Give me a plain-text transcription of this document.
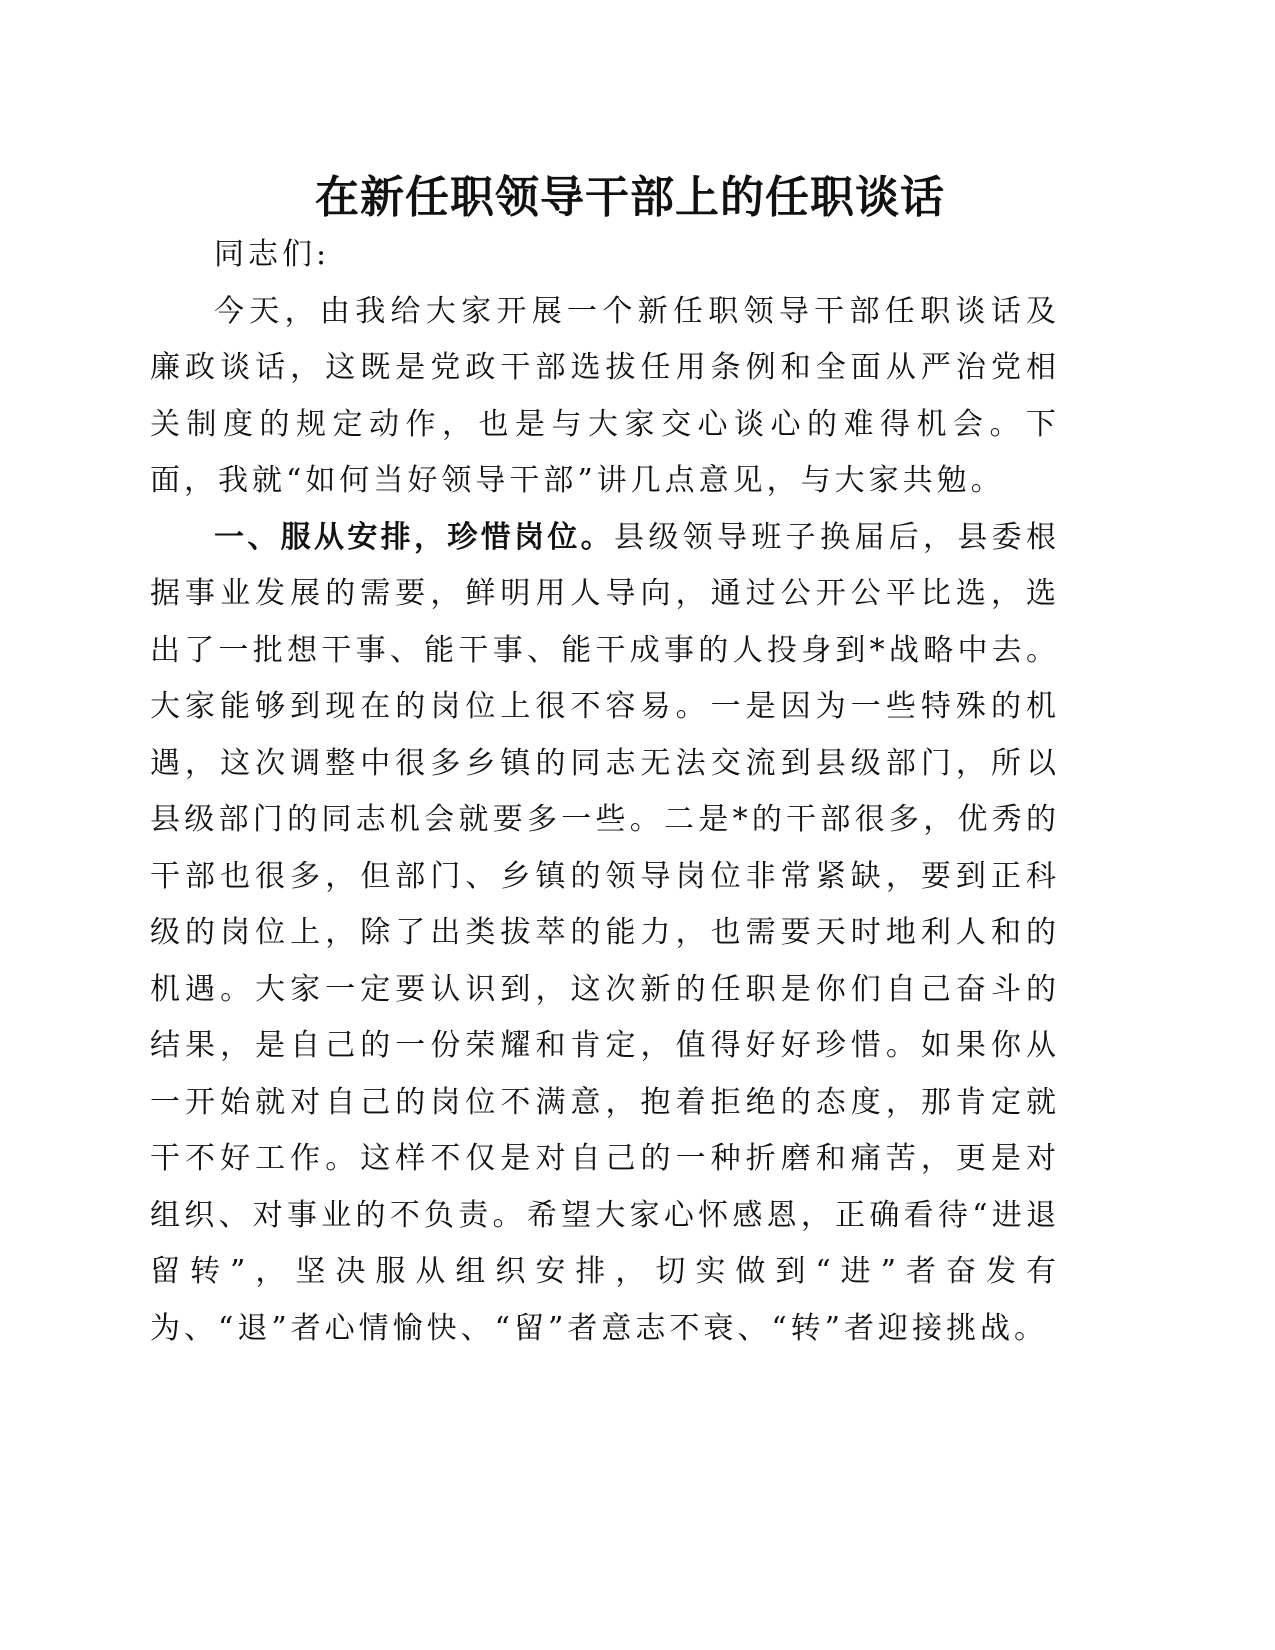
在新任职领导干部上的任职谈话

同志们:

今天，由我给大家开展一个新任职领导干部任职谈话及廉政谈话，这既是党政干部选拔任用条例和全面从严治党相关制度的规定动作，也是与大家交心谈心的难得机会。下面，我就“如何当好领导干部”讲几点意见，与大家共勉。

一、服从安排，珍惜岗位。县级领导班子换届后，县委根据事业发展的需要，鲜明用人导向，通过公开公平比选，选出了一批想干事、能干事、能干成事的人投身到*战略中去。大家能够到现在的岗位上很不容易。一是因为一些特殊的机遇，这次调整中很多乡镇的同志无法交流到县级部门，所以县级部门的同志机会就要多一些。二是*的干部很多，优秀的干部也很多，但部门、乡镇的领导岗位非常紧缺，要到正科级的岗位上，除了出类拔萃的能力，也需要天时地利人和的机遇。大家一定要认识到，这次新的任职是你们自己奋斗的结果，是自己的一份荣耀和肯定，值得好好珍惜。如果你从一开始就对自己的岗位不满意，抱着拒绝的态度，那肯定就干不好工作。这样不仅是对自己的一种折磨和痛苦，更是对组织、对事业的不负责。希望大家心怀感恩，正确看待“进退留转”，坚决服从组织安排，切实做到“进”者奋发有为、“退”者心情愉快、“留”者意志不衰、“转”者迎接挑战。
